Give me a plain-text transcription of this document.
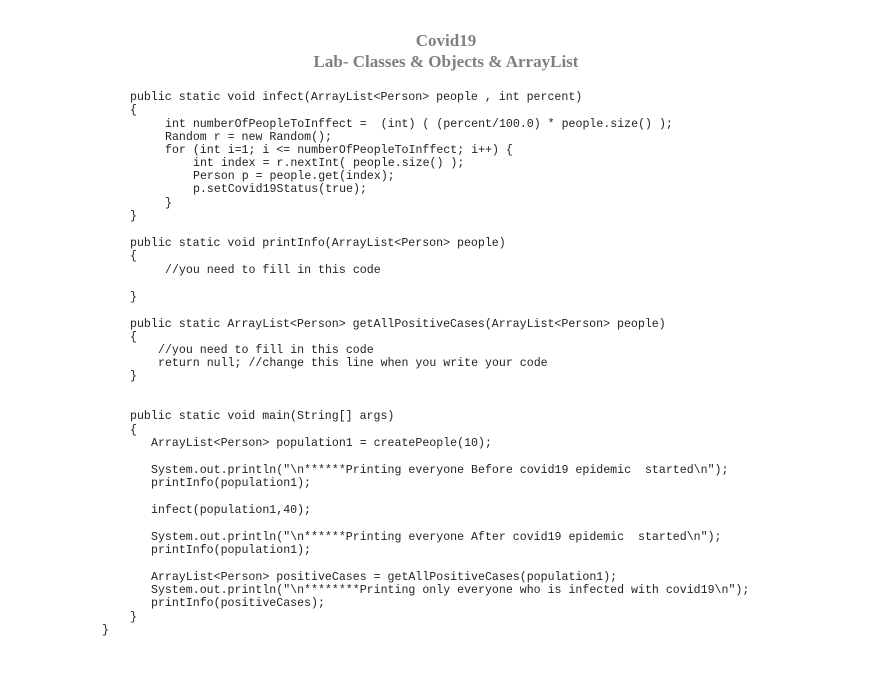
Covid19
Lab- Classes & Objects & ArrayList
public static void infect(ArrayList<Person> people , int percent)
{
int numberOfPeopleToInffect =  (int) ( (percent/100.0) * people.size() );
Random r = new Random();
for (int i=1; i <= numberOfPeopleToInffect; i++) {
int index = r.nextInt( people.size() );
Person p = people.get(index);
p.setCovid19Status(true);
}
}
public static void printInfo(ArrayList<Person> people)
{
//you need to fill in this code
}
public static ArrayList<Person> getAllPositiveCases(ArrayList<Person> people)
{
//you need to fill in this code
return null; //change this line when you write your code
}
public static void main(String[] args)
{
ArrayList<Person> population1 = createPeople(10);
System.out.println("\n******Printing everyone Before covid19 epidemic  started\n");
printInfo(population1);
infect(population1,40);
System.out.println("\n******Printing everyone After covid19 epidemic  started\n");
printInfo(population1);
ArrayList<Person> positiveCases = getAllPositiveCases(population1);
System.out.println("\n********Printing only everyone who is infected with covid19\n");
printInfo(positiveCases);
}
}
